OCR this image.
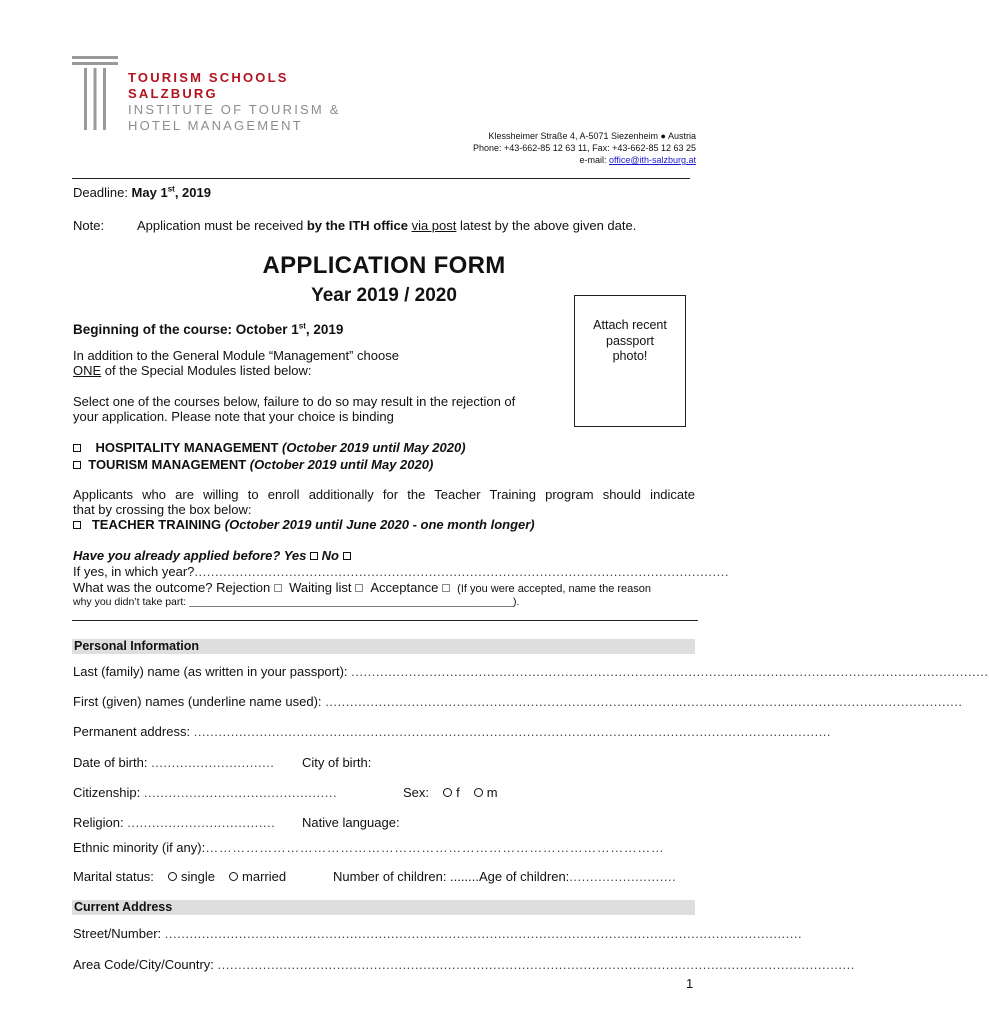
TOURISM SCHOOLS
SALZBURG
INSTITUTE OF TOURISM &
HOTEL MANAGEMENT
Klessheimer Straße 4, A-5071 Siezenheim ● Austria
Phone: +43-662-85 12 63 11, Fax: +43-662-85 12 63 25
e-mail: office@ith-salzburg.at
Deadline: May 1st, 2019
Note:	Application must be received by the ITH office via post latest by the above given date.
APPLICATION FORM
Year 2019 / 2020
Attach recent
passport
photo!
Beginning of the course: October 1st, 2019
In addition to the General Module “Management” choose
ONE of the Special Modules listed below:
Select one of the courses below, failure to do so may result in the rejection of
your application. Please note that your choice is binding
HOSPITALITY MANAGEMENT (October 2019 until May 2020)
TOURISM MANAGEMENT (October 2019 until May 2020)
Applicants who are willing to enroll additionally for the Teacher Training program should indicate
that by crossing the box below:
TEACHER TRAINING (October 2019 until June 2020 - one month longer)
Have you already applied before? Yes No
If yes, in which year?..................................................................................................................................
What was the outcome? Rejection Waiting list Acceptance (If you were accepted, name the reason
why you didn’t take part: __________________________________________________________________________________).
Personal Information
Last (family) name (as written in your passport): ...........................................................................................................................................................
First (given) names (underline name used): ...........................................................................................................................................................
Permanent address: ...........................................................................................................................................................
Date of birth: .............................. City of birth:
Citizenship: ...............................................	Sex: f m
Religion: .................................... Native language:
Ethnic minority (if any):…………………………………………………………………………………………
Marital status: single married	Number of children: ........Age of children:..........................
Current Address
Street/Number: ...........................................................................................................................................................
Area Code/City/Country: ...........................................................................................................................................................
1
